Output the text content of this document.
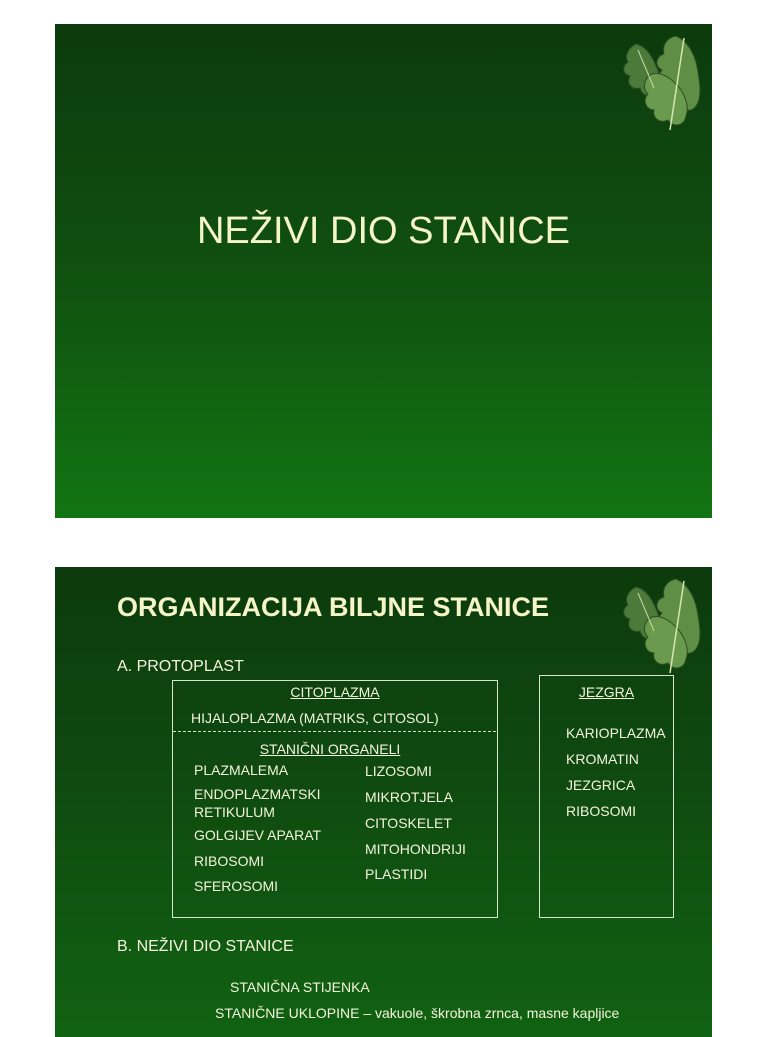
NEŽIVI DIO STANICE
ORGANIZACIJA BILJNE STANICE
A. PROTOPLAST
CITOPLAZMA
HIJALOPLAZMA (MATRIKS, CITOSOL)
STANIČNI ORGANELI
PLAZMALEMA
ENDOPLAZMATSKI
RETIKULUM
GOLGIJEV APARAT
RIBOSOMI
SFEROSOMI
LIZOSOMI
MIKROTJELA
CITOSKELET
MITOHONDRIJI
PLASTIDI
JEZGRA
KARIOPLAZMA
KROMATIN
JEZGRICA
RIBOSOMI
B. NEŽIVI DIO STANICE
STANIČNA STIJENKA
STANIČNE UKLOPINE – vakuole, škrobna zrnca, masne kapljice
